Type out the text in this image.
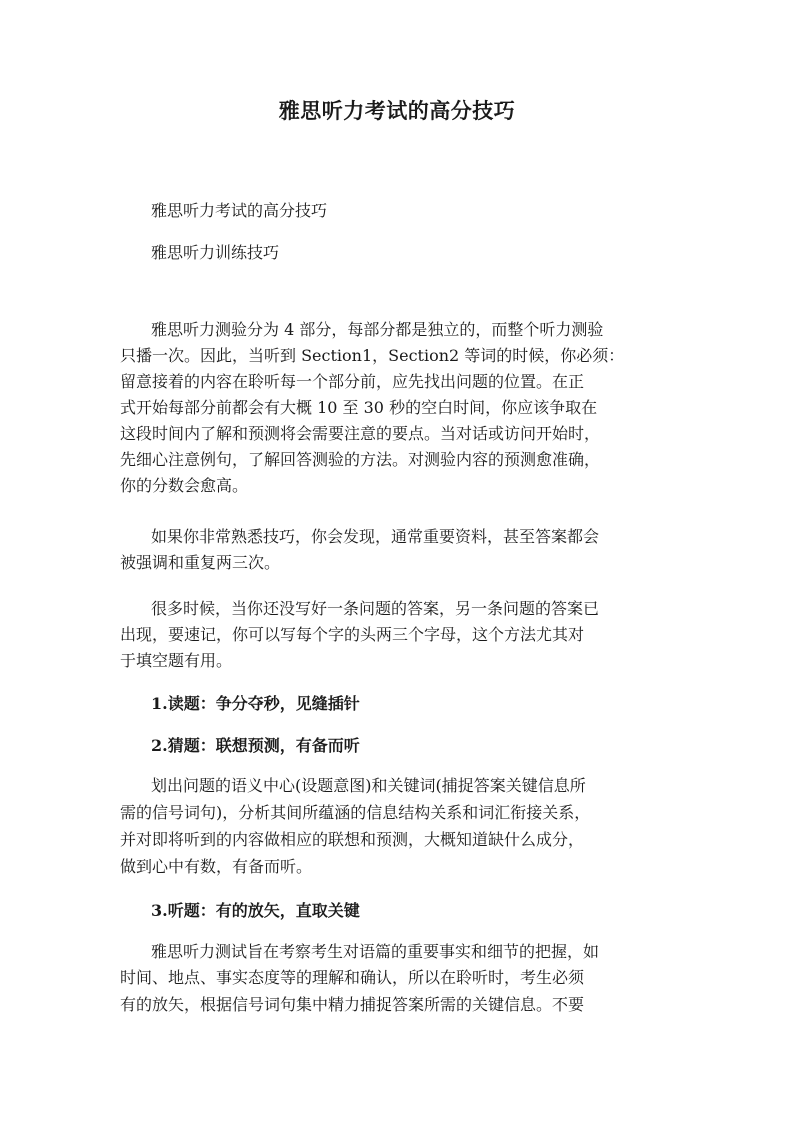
雅思听力考试的高分技巧
雅思听力考试的高分技巧
雅思听力训练技巧
雅思听力测验分为 4 部分，每部分都是独立的，而整个听力测验
只播一次。因此，当听到 Section1，Section2 等词的时候，你必须：
留意接着的内容在聆听每一个部分前，应先找出问题的位置。在正
式开始每部分前都会有大概 10 至 30 秒的空白时间，你应该争取在
这段时间内了解和预测将会需要注意的要点。当对话或访问开始时，
先细心注意例句，了解回答测验的方法。对测验内容的预测愈准确，
你的分数会愈高。
如果你非常熟悉技巧，你会发现，通常重要资料，甚至答案都会
被强调和重复两三次。
很多时候，当你还没写好一条问题的答案，另一条问题的答案已
出现，要速记，你可以写每个字的头两三个字母，这个方法尤其对
于填空题有用。
1.读题：争分夺秒，见缝插针
2.猜题：联想预测，有备而听
划出问题的语义中心(设题意图)和关键词(捕捉答案关键信息所
需的信号词句)，分析其间所蕴涵的信息结构关系和词汇衔接关系，
并对即将听到的内容做相应的联想和预测，大概知道缺什么成分，
做到心中有数，有备而听。
3.听题：有的放矢，直取关键
雅思听力测试旨在考察考生对语篇的重要事实和细节的把握，如
时间、地点、事实态度等的理解和确认，所以在聆听时，考生必须
有的放矢，根据信号词句集中精力捕捉答案所需的关键信息。不要
